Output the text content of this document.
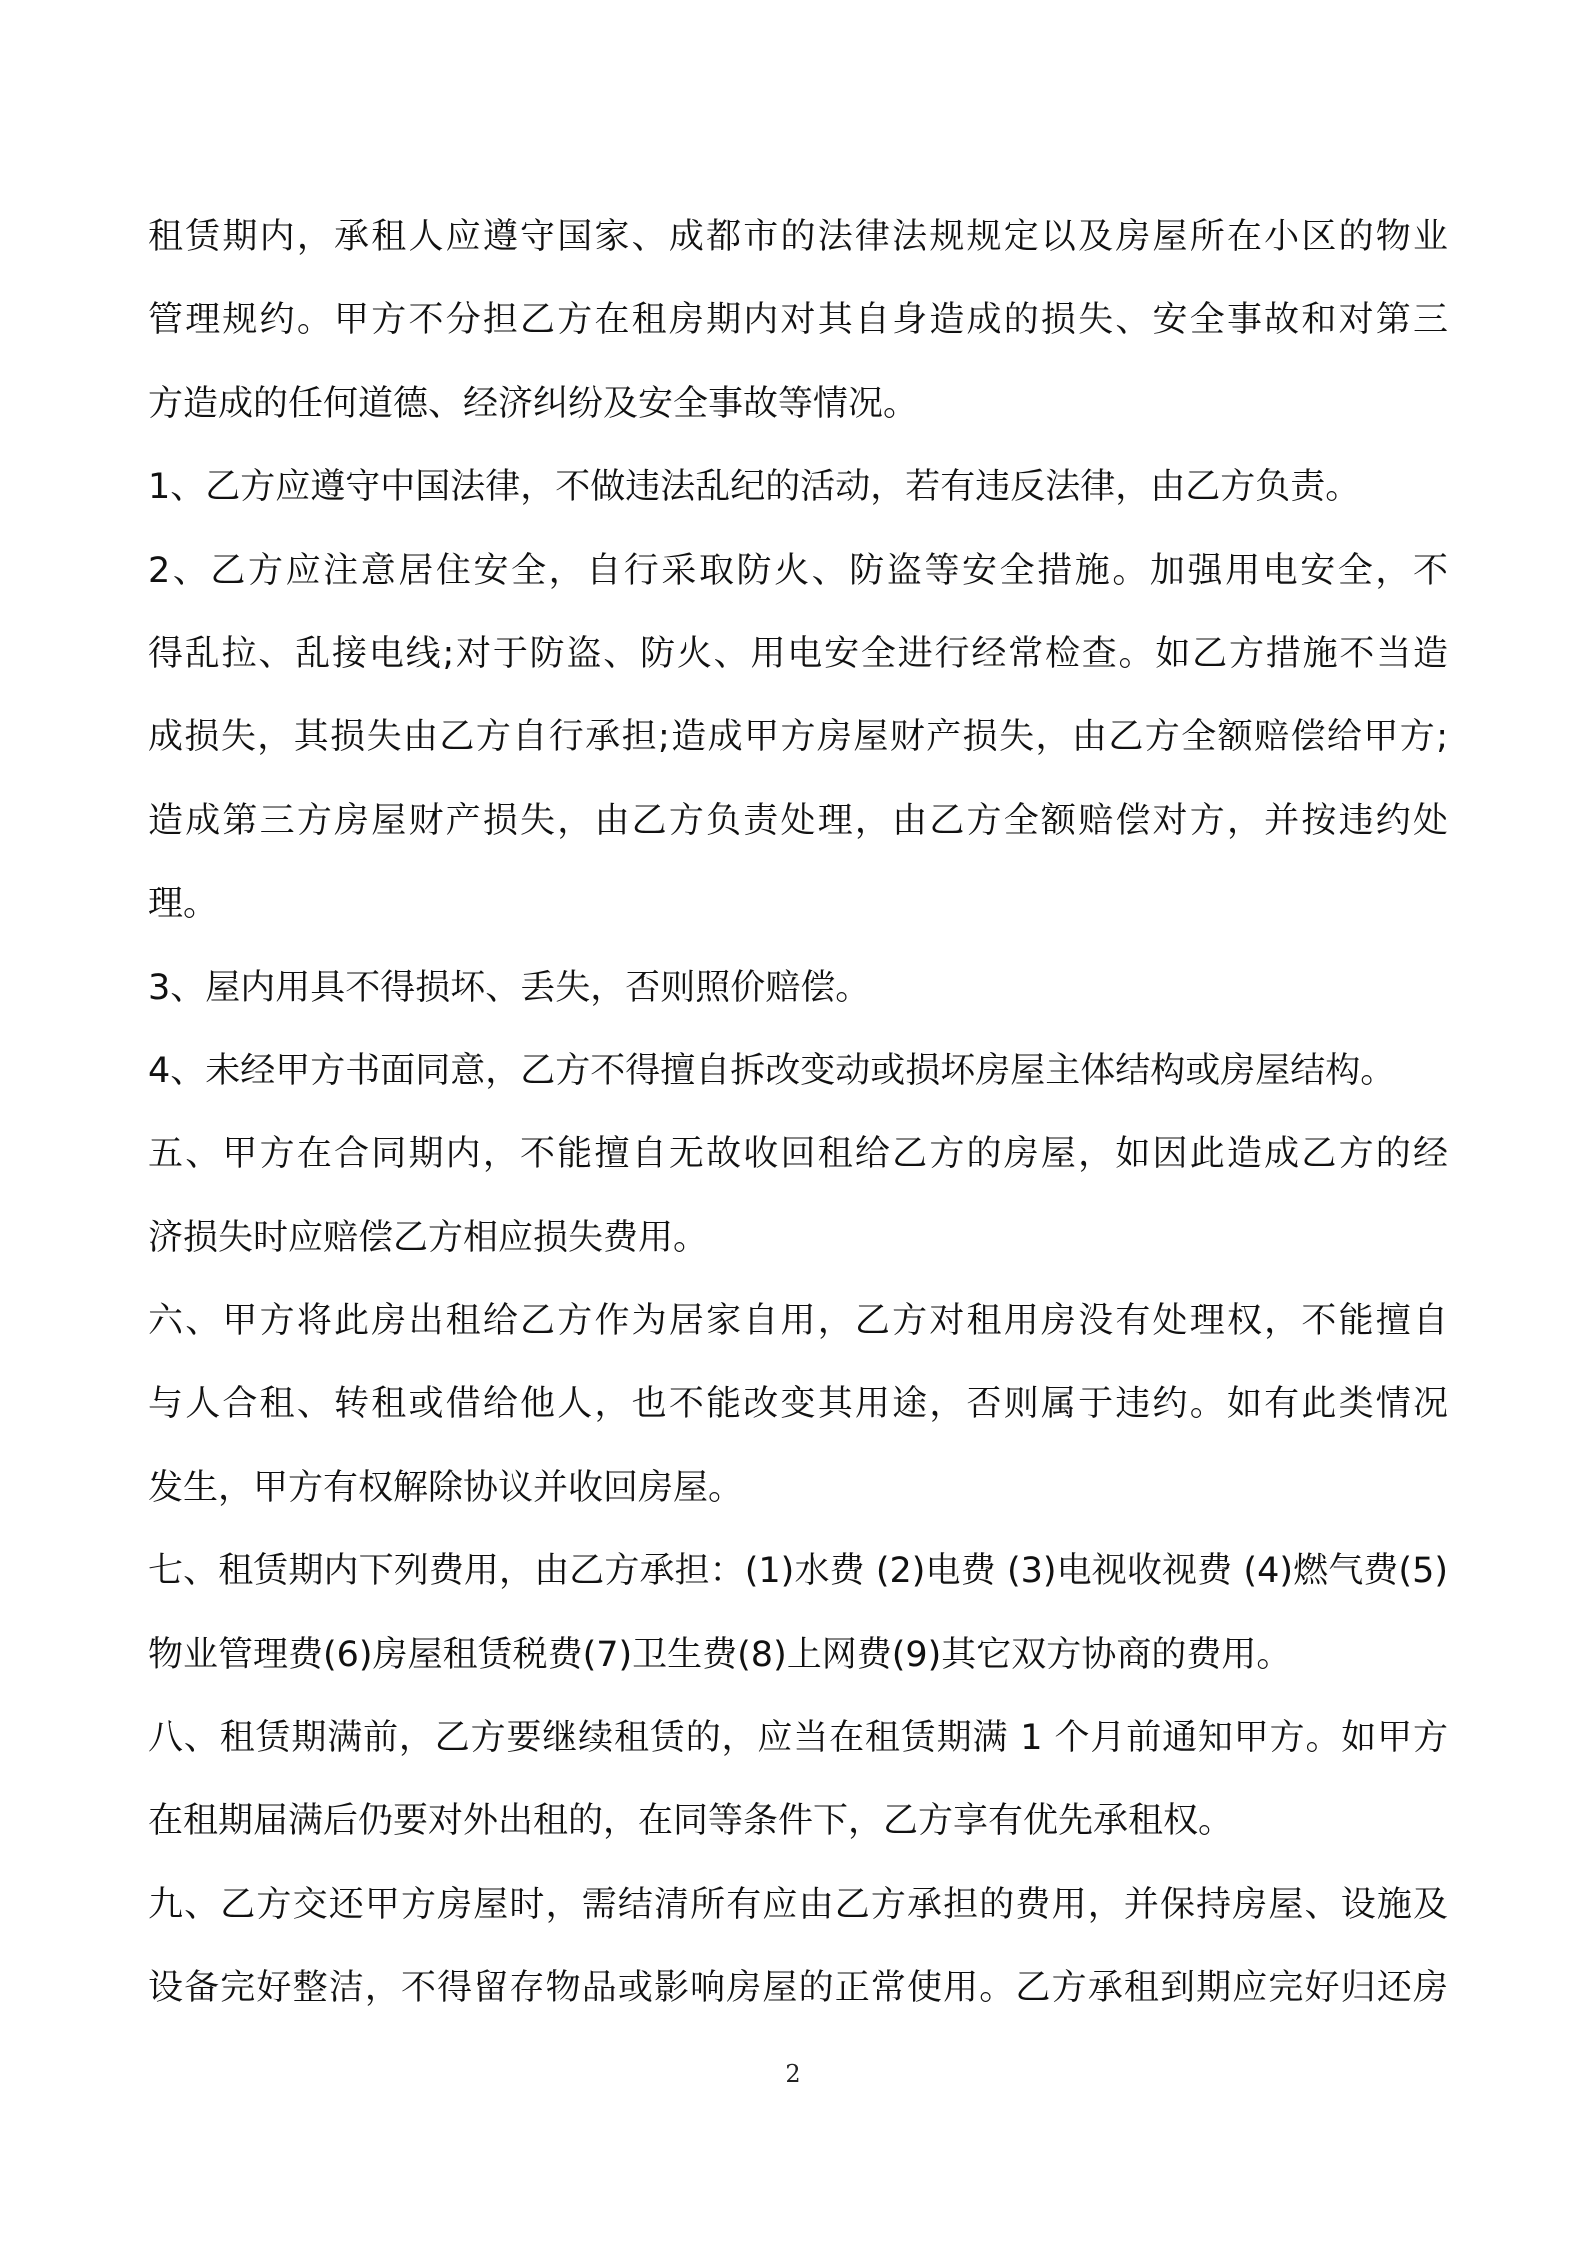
租赁期内，承租人应遵守国家、成都市的法律法规规定以及房屋所在小区的物业
管理规约。甲方不分担乙方在租房期内对其自身造成的损失、安全事故和对第三
方造成的任何道德、经济纠纷及安全事故等情况。
1、乙方应遵守中国法律，不做违法乱纪的活动，若有违反法律，由乙方负责。
2、乙方应注意居住安全，自行采取防火、防盗等安全措施。加强用电安全，不
得乱拉、乱接电线;对于防盗、防火、用电安全进行经常检查。如乙方措施不当造
成损失，其损失由乙方自行承担;造成甲方房屋财产损失，由乙方全额赔偿给甲方;
造成第三方房屋财产损失，由乙方负责处理，由乙方全额赔偿对方，并按违约处
理。
3、屋内用具不得损坏、丢失，否则照价赔偿。
4、未经甲方书面同意，乙方不得擅自拆改变动或损坏房屋主体结构或房屋结构。
五、甲方在合同期内，不能擅自无故收回租给乙方的房屋，如因此造成乙方的经
济损失时应赔偿乙方相应损失费用。
六、甲方将此房出租给乙方作为居家自用，乙方对租用房没有处理权，不能擅自
与人合租、转租或借给他人，也不能改变其用途，否则属于违约。如有此类情况
发生，甲方有权解除协议并收回房屋。
七、租赁期内下列费用，由乙方承担：(1)水费 (2)电费 (3)电视收视费 (4)燃气费(5)
物业管理费(6)房屋租赁税费(7)卫生费(8)上网费(9)其它双方协商的费用。
八、租赁期满前，乙方要继续租赁的，应当在租赁期满 1 个月前通知甲方。如甲方
在租期届满后仍要对外出租的，在同等条件下，乙方享有优先承租权。
九、乙方交还甲方房屋时，需结清所有应由乙方承担的费用，并保持房屋、设施及
设备完好整洁，不得留存物品或影响房屋的正常使用。乙方承租到期应完好归还房
2
